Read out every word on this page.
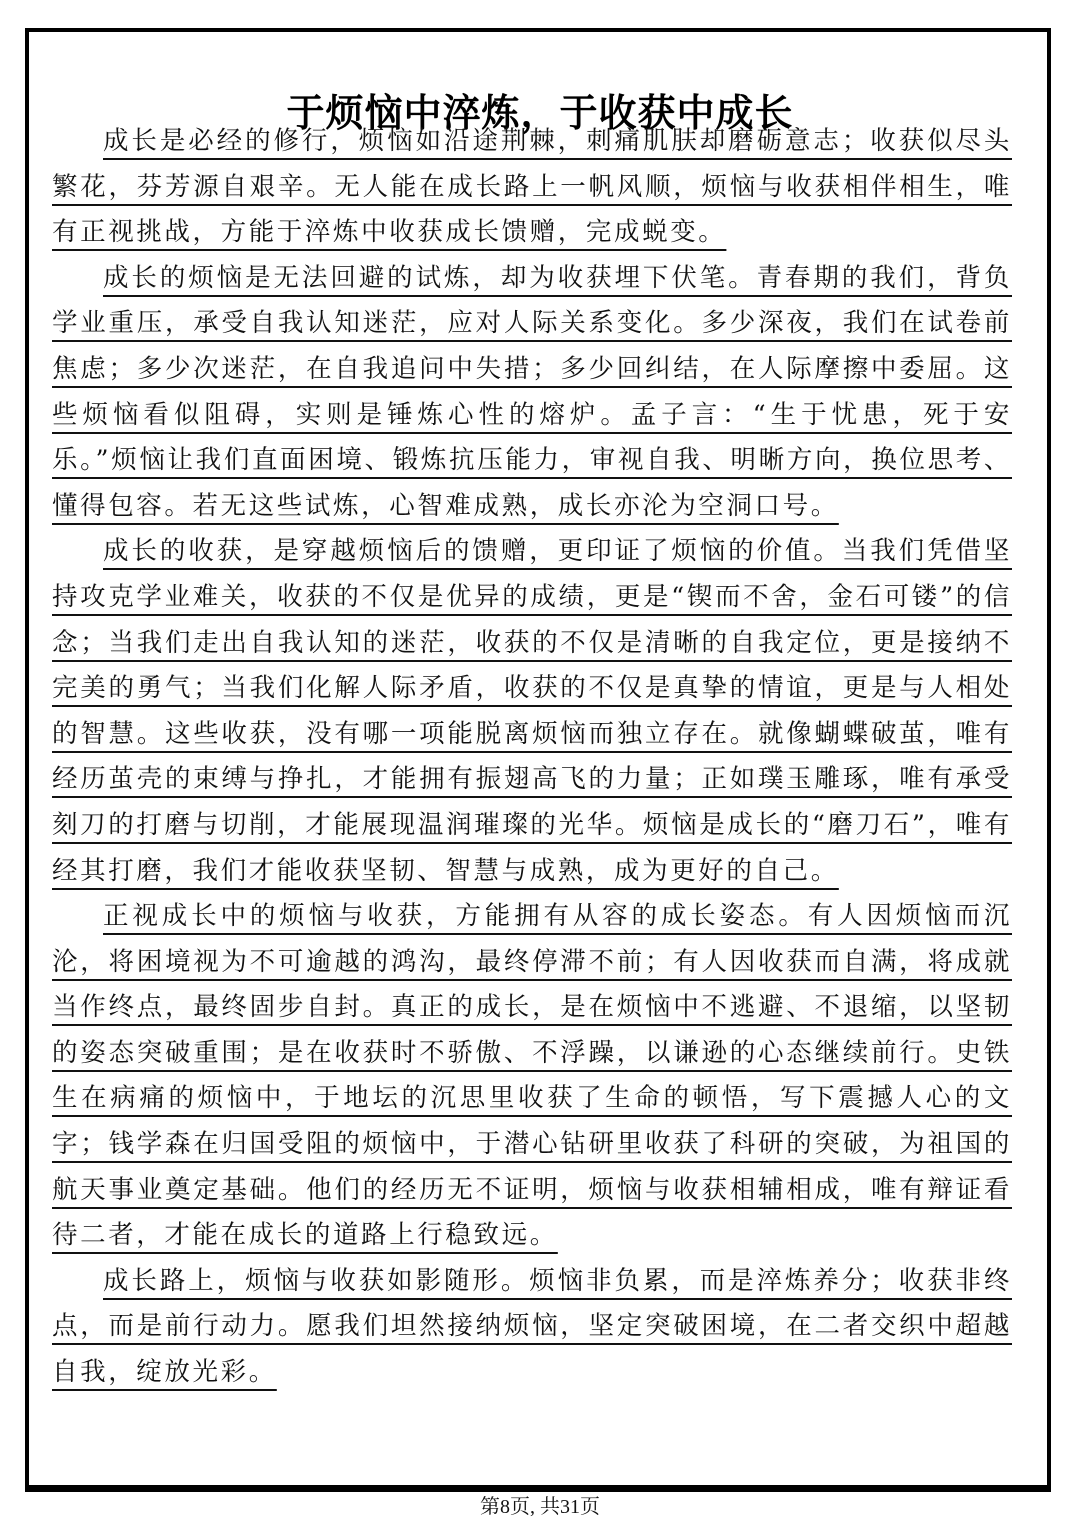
于烦恼中淬炼，于收获中成长

成长是必经的修行，烦恼如沿途荆棘，刺痛肌肤却磨砺意志；收获似尽头繁花，芬芳源自艰辛。无人能在成长路上一帆风顺，烦恼与收获相伴相生，唯有正视挑战，方能于淬炼中收获成长馈赠，完成蜕变。

成长的烦恼是无法回避的试炼，却为收获埋下伏笔。青春期的我们，背负学业重压，承受自我认知迷茫，应对人际关系变化。多少深夜，我们在试卷前焦虑；多少次迷茫，在自我追问中失措；多少回纠结，在人际摩擦中委屈。这些烦恼看似阻碍，实则是锤炼心性的熔炉。孟子言：“生于忧患，死于安乐。”烦恼让我们直面困境、锻炼抗压能力，审视自我、明晰方向，换位思考、懂得包容。若无这些试炼，心智难成熟，成长亦沦为空洞口号。

成长的收获，是穿越烦恼后的馈赠，更印证了烦恼的价值。当我们凭借坚持攻克学业难关，收获的不仅是优异的成绩，更是“锲而不舍，金石可镂”的信念；当我们走出自我认知的迷茫，收获的不仅是清晰的自我定位，更是接纳不完美的勇气；当我们化解人际矛盾，收获的不仅是真挚的情谊，更是与人相处的智慧。这些收获，没有哪一项能脱离烦恼而独立存在。就像蝴蝶破茧，唯有经历茧壳的束缚与挣扎，才能拥有振翅高飞的力量；正如璞玉雕琢，唯有承受刻刀的打磨与切削，才能展现温润璀璨的光华。烦恼是成长的“磨刀石”，唯有经其打磨，我们才能收获坚韧、智慧与成熟，成为更好的自己。

正视成长中的烦恼与收获，方能拥有从容的成长姿态。有人因烦恼而沉沦，将困境视为不可逾越的鸿沟，最终停滞不前；有人因收获而自满，将成就当作终点，最终固步自封。真正的成长，是在烦恼中不逃避、不退缩，以坚韧的姿态突破重围；是在收获时不骄傲、不浮躁，以谦逊的心态继续前行。史铁生在病痛的烦恼中，于地坛的沉思里收获了生命的顿悟，写下震撼人心的文字；钱学森在归国受阻的烦恼中，于潜心钻研里收获了科研的突破，为祖国的航天事业奠定基础。他们的经历无不证明，烦恼与收获相辅相成，唯有辩证看待二者，才能在成长的道路上行稳致远。

成长路上，烦恼与收获如影随形。烦恼非负累，而是淬炼养分；收获非终点，而是前行动力。愿我们坦然接纳烦恼，坚定突破困境，在二者交织中超越自我，绽放光彩。

第8页, 共31页
